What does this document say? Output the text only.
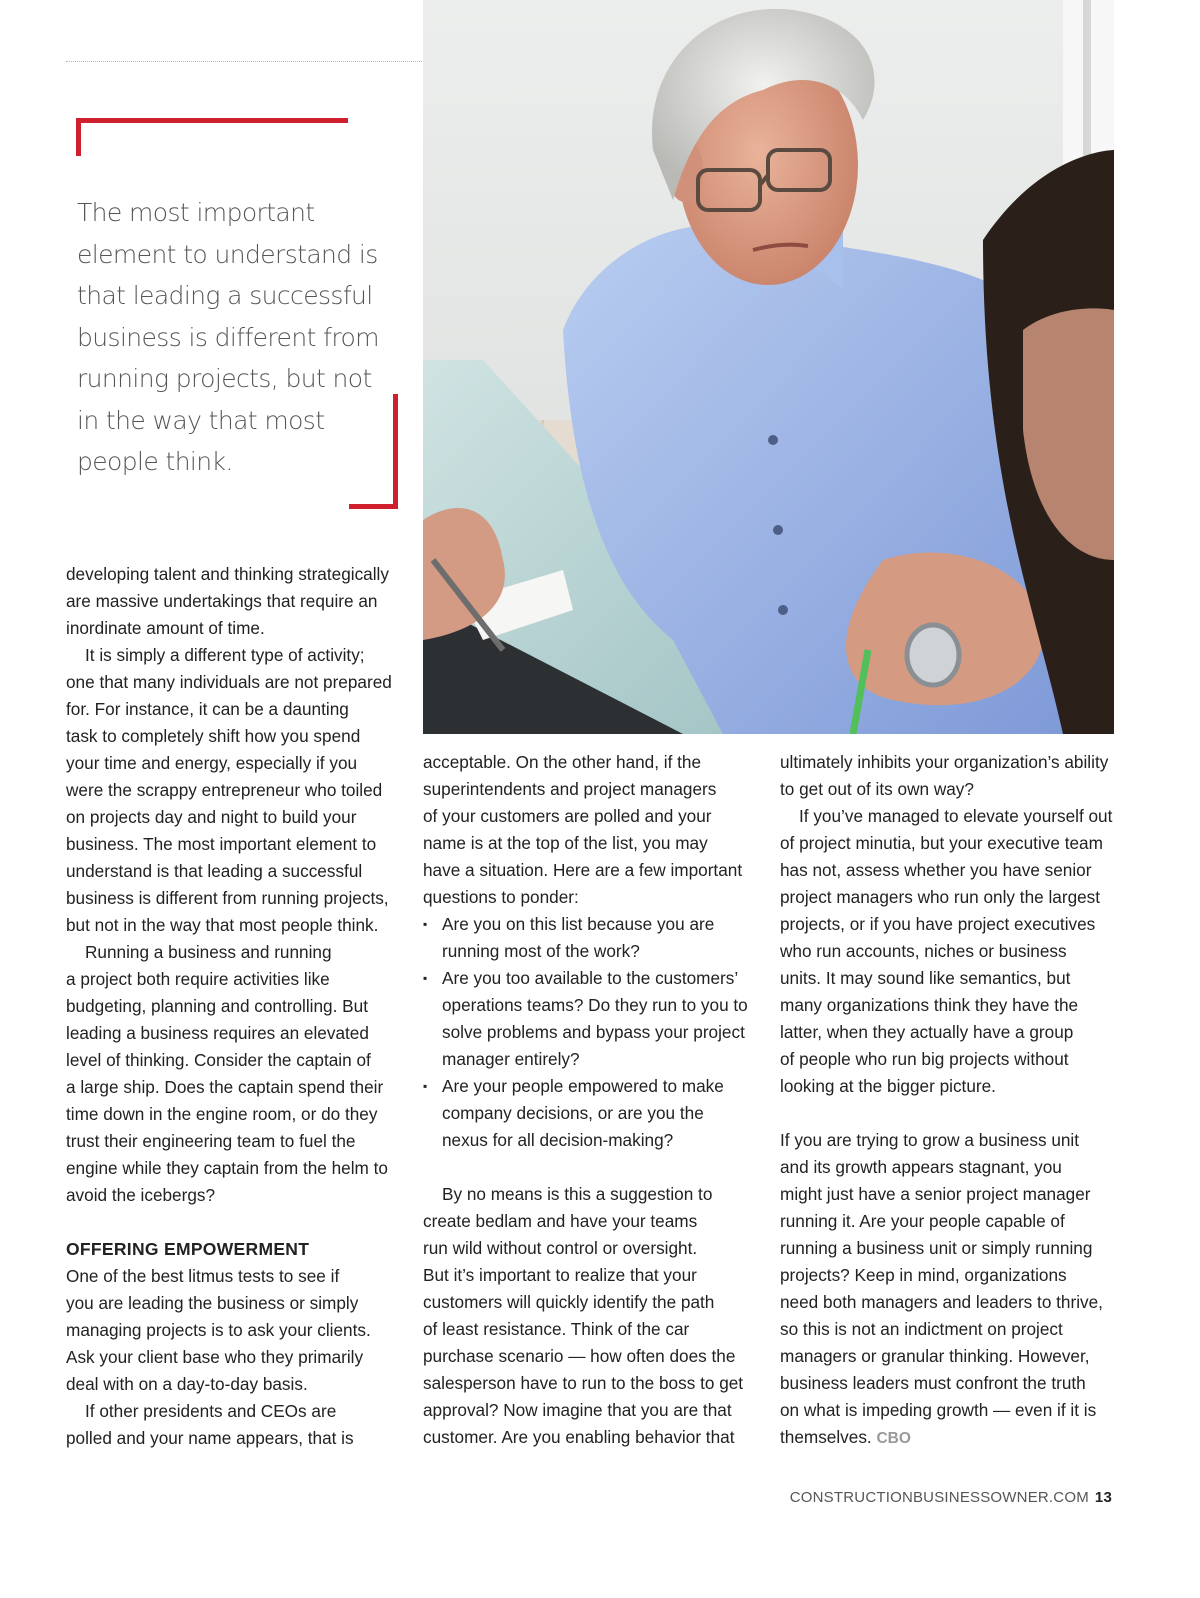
The most important
element to understand is
that leading a successful
business is different from
running projects, but not
in the way that most
people think.

developing talent and thinking strategically

are massive undertakings that require an

inordinate amount of time.

It is simply a different type of activity;

one that many individuals are not prepared

for. For instance, it can be a daunting

task to completely shift how you spend

your time and energy, especially if you

were the scrappy entrepreneur who toiled

on projects day and night to build your

business. The most important element to

understand is that leading a successful

business is different from running projects,

but not in the way that most people think.

Running a business and running

a project both require activities like

budgeting, planning and controlling. But

leading a business requires an elevated

level of thinking. Consider the captain of

a large ship. Does the captain spend their

time down in the engine room, or do they

trust their engineering team to fuel the

engine while they captain from the helm to

avoid the icebergs?

OFFERING EMPOWERMENT

One of the best litmus tests to see if

you are leading the business or simply

managing projects is to ask your clients.

Ask your client base who they primarily

deal with on a day-to-day basis.

If other presidents and CEOs are

polled and your name appears, that is

acceptable. On the other hand, if the

superintendents and project managers

of your customers are polled and your

name is at the top of the list, you may

have a situation. Here are a few important

questions to ponder:

▪ Are you on this list because you are

running most of the work?

▪ Are you too available to the customers’

operations teams? Do they run to you to

solve problems and bypass your project

manager entirely?

▪ Are your people empowered to make

company decisions, or are you the

nexus for all decision-making?

By no means is this a suggestion to

create bedlam and have your teams

run wild without control or oversight.

But it’s important to realize that your

customers will quickly identify the path

of least resistance. Think of the car

purchase scenario — how often does the

salesperson have to run to the boss to get

approval? Now imagine that you are that

customer. Are you enabling behavior that

ultimately inhibits your organization’s ability

to get out of its own way?

If you’ve managed to elevate yourself out

of project minutia, but your executive team

has not, assess whether you have senior

project managers who run only the largest

projects, or if you have project executives

who run accounts, niches or business

units. It may sound like semantics, but

many organizations think they have the

latter, when they actually have a group

of people who run big projects without

looking at the bigger picture.

If you are trying to grow a business unit

and its growth appears stagnant, you

might just have a senior project manager

running it. Are your people capable of

running a business unit or simply running

projects? Keep in mind, organizations

need both managers and leaders to thrive,

so this is not an indictment on project

managers or granular thinking. However,

business leaders must confront the truth

on what is impeding growth — even if it is

themselves. CBO

CONSTRUCTIONBUSINESSOWNER.COM 13
